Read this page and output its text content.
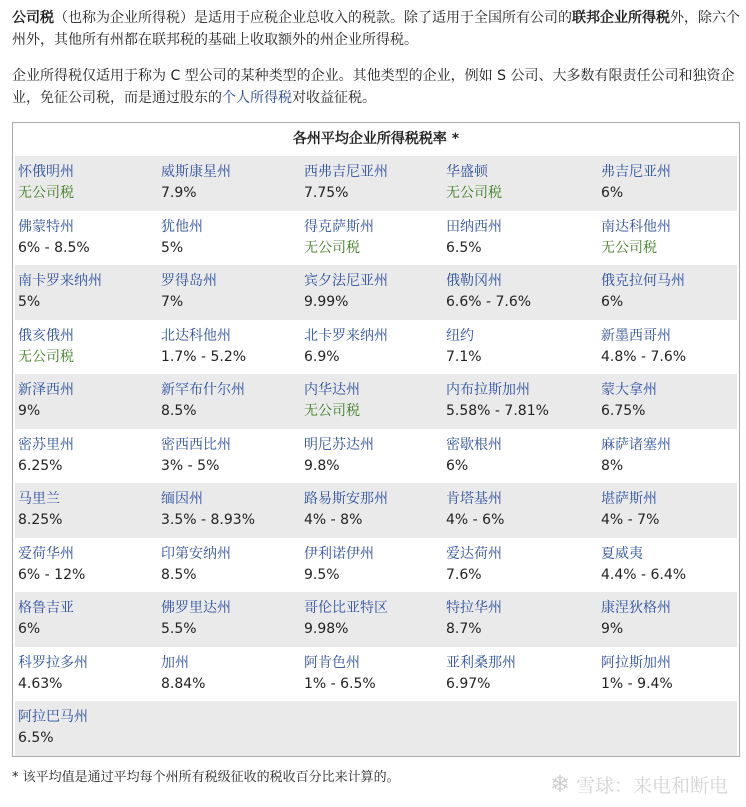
公司税（也称为企业所得税）是适用于应税企业总收入的税款。除了适用于全国所有公司的联邦企业所得税外，除六个州外，其他所有州都在联邦税的基础上收取额外的州企业所得税。
企业所得税仅适用于称为 C 型公司的某种类型的企业。其他类型的企业，例如 S 公司、大多数有限责任公司和独资企业，免征公司税，而是通过股东的个人所得税对收益征税。
各州平均企业所得税税率 *
怀俄明州
无公司税
威斯康星州
7.9%
西弗吉尼亚州
7.75%
华盛顿
无公司税
弗吉尼亚州
6%
佛蒙特州
6% - 8.5%
犹他州
5%
得克萨斯州
无公司税
田纳西州
6.5%
南达科他州
无公司税
南卡罗来纳州
5%
罗得岛州
7%
宾夕法尼亚州
9.99%
俄勒冈州
6.6% - 7.6%
俄克拉何马州
6%
俄亥俄州
无公司税
北达科他州
1.7% - 5.2%
北卡罗来纳州
6.9%
纽约
7.1%
新墨西哥州
4.8% - 7.6%
新泽西州
9%
新罕布什尔州
8.5%
内华达州
无公司税
内布拉斯加州
5.58% - 7.81%
蒙大拿州
6.75%
密苏里州
6.25%
密西西比州
3% - 5%
明尼苏达州
9.8%
密歇根州
6%
麻萨诸塞州
8%
马里兰
8.25%
缅因州
3.5% - 8.93%
路易斯安那州
4% - 8%
肯塔基州
4% - 6%
堪萨斯州
4% - 7%
爱荷华州
6% - 12%
印第安纳州
8.5%
伊利诺伊州
9.5%
爱达荷州
7.6%
夏威夷
4.4% - 6.4%
格鲁吉亚
6%
佛罗里达州
5.5%
哥伦比亚特区
9.98%
特拉华州
8.7%
康涅狄格州
9%
科罗拉多州
4.63%
加州
8.84%
阿肯色州
1% - 6.5%
亚利桑那州
6.97%
阿拉斯加州
1% - 9.4%
阿拉巴马州
6.5%
* 该平均值是通过平均每个州所有税级征收的税收百分比来计算的。	❄ 雪球：来电和断电
